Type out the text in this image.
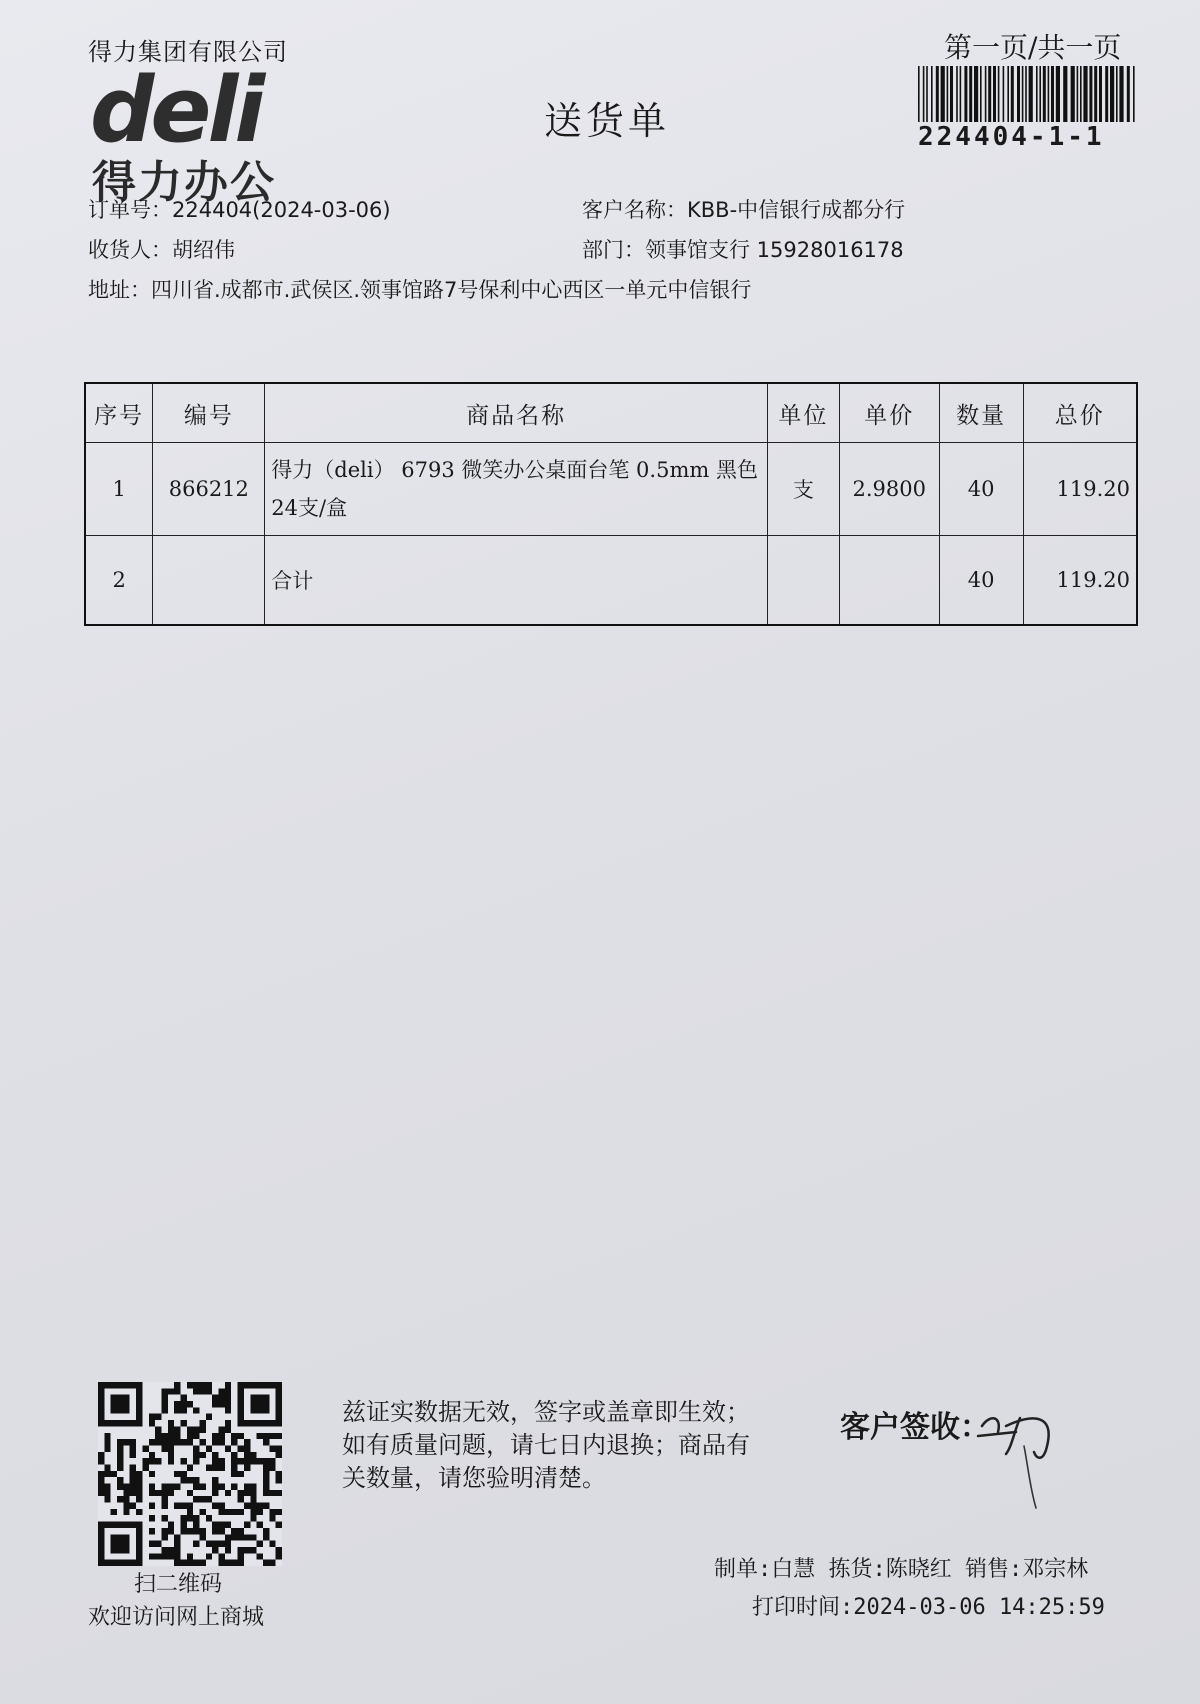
得力集团有限公司
deli
得力办公
送货单
第一页/共一页
224404-1-1
订单号：224404(2024-03-06)	客户名称：KBB-中信银行成都分行
收货人：胡绍伟	部门：领事馆支行 15928016178
地址：四川省.成都市.武侯区.领事馆路7号保利中心西区一单元中信银行
序号	编号	商品名称	单位	单价	数量	总价
1	866212	得力（deli） 6793 微笑办公桌面台笔 0.5mm 黑色 24支/盒	支	2.9800	40	119.20
2		合计			40	119.20
扫二维码
欢迎访问网上商城
兹证实数据无效，签字或盖章即生效；如有质量问题，请七日内退换；商品有关数量，请您验明清楚。
客户签收：
制单:白慧 拣货:陈晓红 销售:邓宗林
打印时间:2024-03-06 14:25:59
